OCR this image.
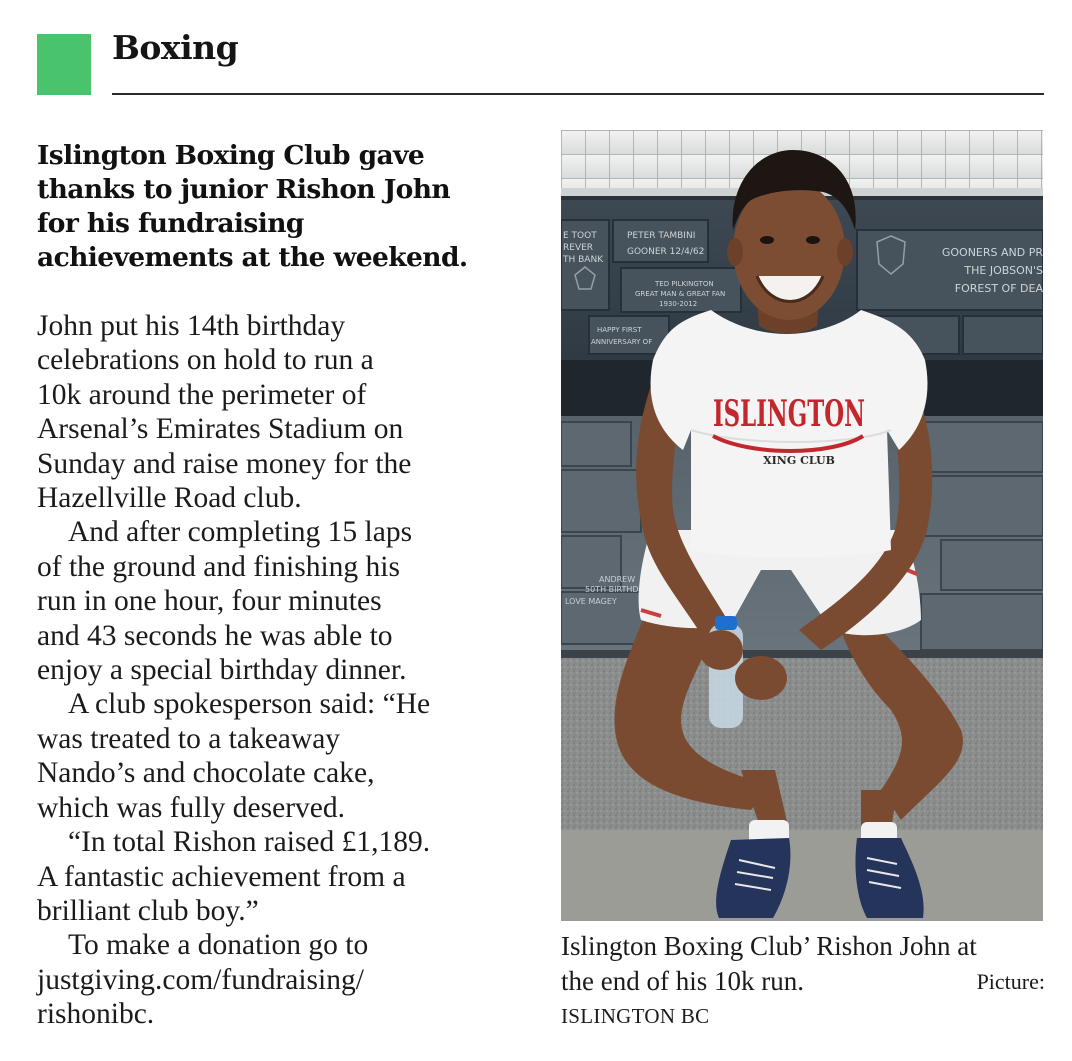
Boxing
Islington Boxing Club gave
thanks to junior Rishon John
for his fundraising
achievements at the weekend.
John put his 14th birthday
celebrations on hold to run a
10k around the perimeter of
Arsenal’s Emirates Stadium on
Sunday and raise money for the
Hazellville Road club.
And after completing 15 laps
of the ground and finishing his
run in one hour, four minutes
and 43 seconds he was able to
enjoy a special birthday dinner.
A club spokesperson said: “He
was treated to a takeaway
Nando’s and chocolate cake,
which was fully deserved.
“In total Rishon raised £1,189.
A fantastic achievement from a
brilliant club boy.”
To make a donation go to
justgiving.com/fundraising/
rishonibc.
E TOOT
REVER
TH BANK
PETER TAMBINI
GOONER 12/4/62
TED PILKINGTON
GREAT MAN & GREAT FAN
1930-2012
HAPPY FIRST
ANNIVERSARY OF
GOONERS AND PR
THE JOBSON'S
FOREST OF DEA
ANDREW
50TH BIRTHD
LOVE MAGEY
ISLINGTON
XING CLUB
Islington Boxing Club’ Rishon John at
the end of his 10k run.	Picture:
ISLINGTON BC
